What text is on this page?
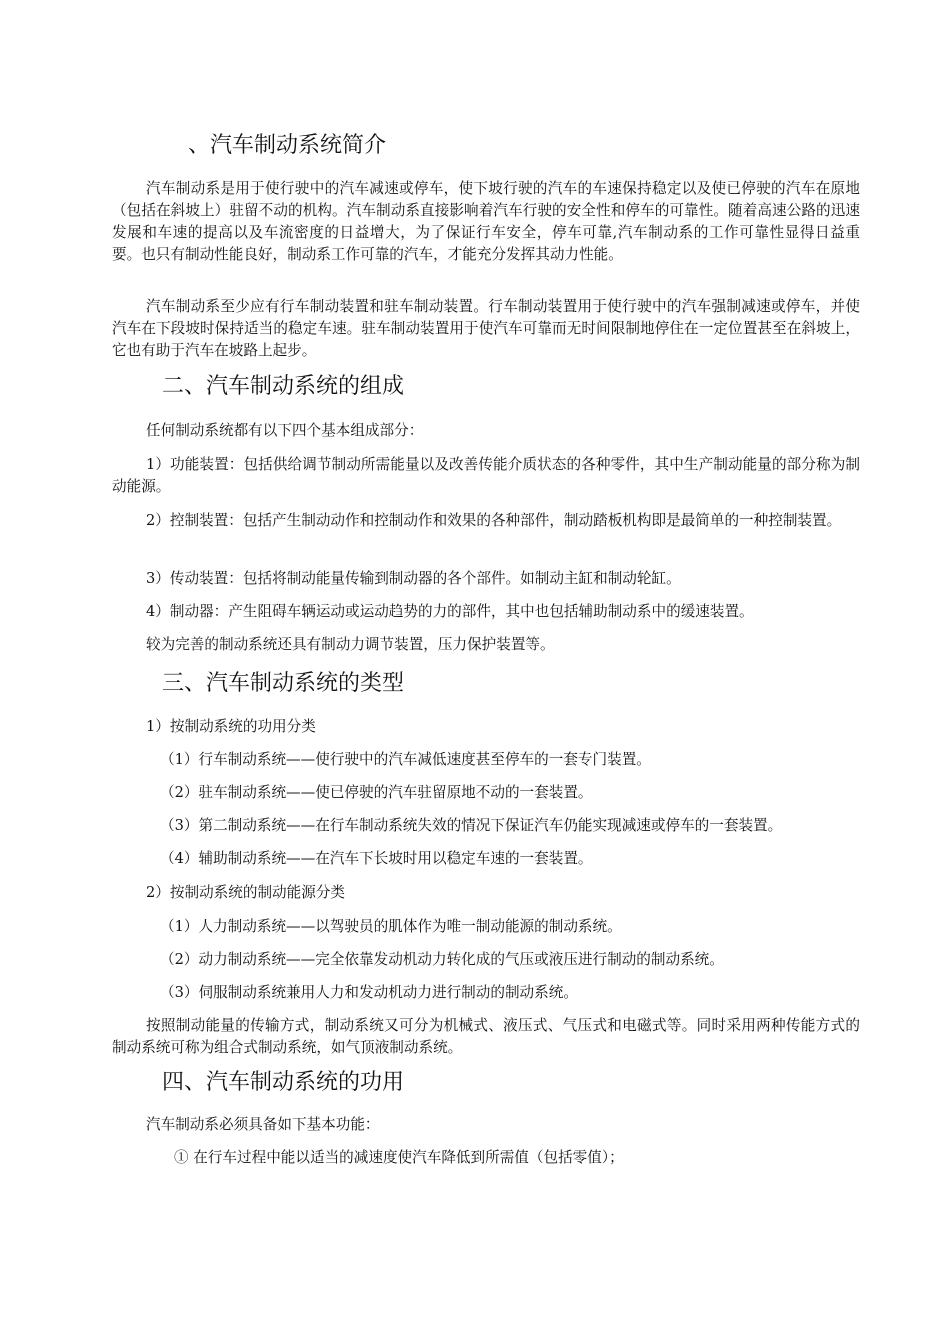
、汽车制动系统简介

汽车制动系是用于使行驶中的汽车减速或停车，使下坡行驶的汽车的车速保持稳定以及使已停驶的汽车在原地（包括在斜坡上）驻留不动的机构。汽车制动系直接影响着汽车行驶的安全性和停车的可靠性。随着高速公路的迅速发展和车速的提高以及车流密度的日益增大，为了保证行车安全，停车可靠,汽车制动系的工作可靠性显得日益重要。也只有制动性能良好，制动系工作可靠的汽车，才能充分发挥其动力性能。

汽车制动系至少应有行车制动装置和驻车制动装置。行车制动装置用于使行驶中的汽车强制减速或停车，并使汽车在下段坡时保持适当的稳定车速。驻车制动装置用于使汽车可靠而无时间限制地停住在一定位置甚至在斜坡上，它也有助于汽车在坡路上起步。

二、汽车制动系统的组成

任何制动系统都有以下四个基本组成部分：

1）功能装置：包括供给调节制动所需能量以及改善传能介质状态的各种零件，其中生产制动能量的部分称为制动能源。

2）控制装置：包括产生制动动作和控制动作和效果的各种部件，制动踏板机构即是最简单的一种控制装置。

3）传动装置：包括将制动能量传输到制动器的各个部件。如制动主缸和制动轮缸。

4）制动器：产生阻碍车辆运动或运动趋势的力的部件，其中也包括辅助制动系中的缓速装置。

较为完善的制动系统还具有制动力调节装置，压力保护装置等。

三、汽车制动系统的类型

1）按制动系统的功用分类

（1）行车制动系统——使行驶中的汽车减低速度甚至停车的一套专门装置。

（2）驻车制动系统——使已停驶的汽车驻留原地不动的一套装置。

（3）第二制动系统——在行车制动系统失效的情况下保证汽车仍能实现减速或停车的一套装置。

（4）辅助制动系统——在汽车下长坡时用以稳定车速的一套装置。

2）按制动系统的制动能源分类

（1）人力制动系统——以驾驶员的肌体作为唯一制动能源的制动系统。

（2）动力制动系统——完全依靠发动机动力转化成的气压或液压进行制动的制动系统。

（3）伺服制动系统兼用人力和发动机动力进行制动的制动系统。

按照制动能量的传输方式，制动系统又可分为机械式、液压式、气压式和电磁式等。同时采用两种传能方式的制动系统可称为组合式制动系统，如气顶液制动系统。

四、汽车制动系统的功用

汽车制动系必须具备如下基本功能：

① 在行车过程中能以适当的减速度使汽车降低到所需值（包括零值）；
